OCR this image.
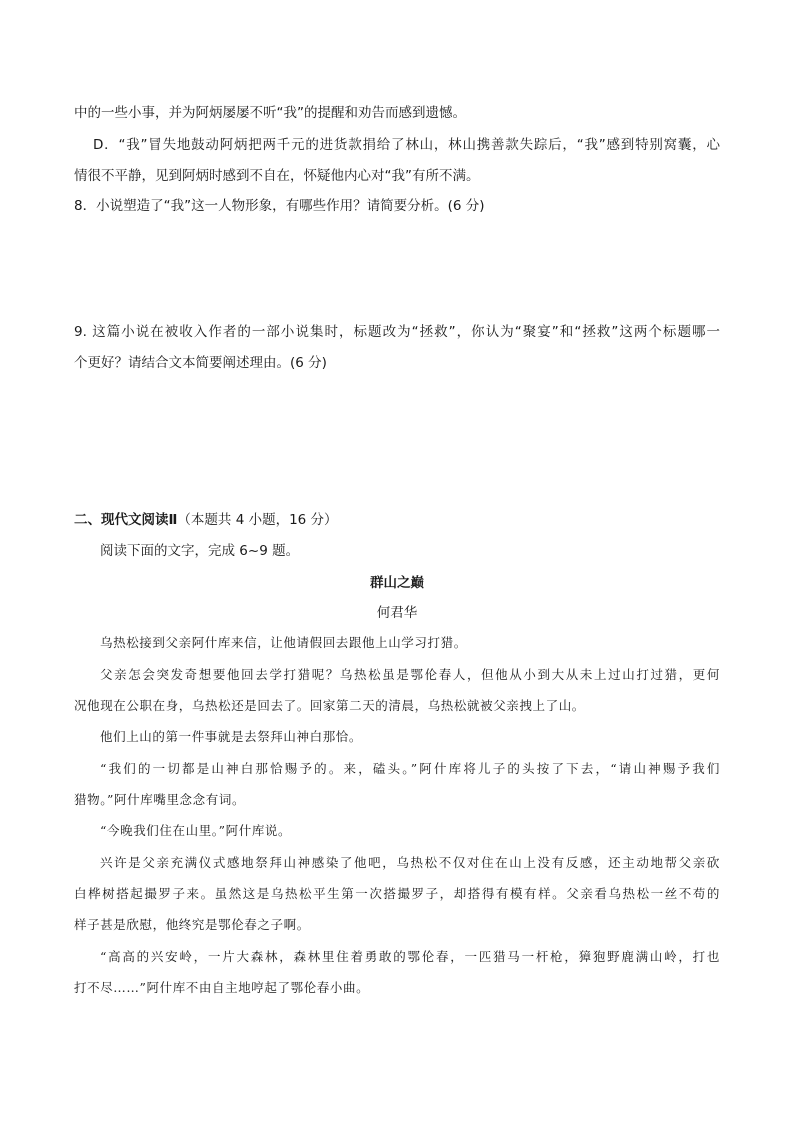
中的一些小事，并为阿炳屡屡不听“我”的提醒和劝告而感到遗憾。
D．“我”冒失地鼓动阿炳把两千元的进货款捐给了林山，林山携善款失踪后，“我”感到特别窝囊，心
情很不平静，见到阿炳时感到不自在，怀疑他内心对“我”有所不满。
8．小说塑造了“我”这一人物形象，有哪些作用？请简要分析。(6 分)
9. 这篇小说在被收入作者的一部小说集时，标题改为“拯救”，你认为“聚宴”和“拯救”这两个标题哪一
个更好？请结合文本简要阐述理由。(6 分)
二、现代文阅读Ⅱ（本题共 4 小题，16 分）
阅读下面的文字，完成 6~9 题。
群山之巅
何君华
乌热松接到父亲阿什库来信，让他请假回去跟他上山学习打猎。
父亲怎会突发奇想要他回去学打猎呢？乌热松虽是鄂伦春人，但他从小到大从未上过山打过猎，更何
况他现在公职在身，乌热松还是回去了。回家第二天的清晨，乌热松就被父亲拽上了山。
他们上山的第一件事就是去祭拜山神白那恰。
“我们的一切都是山神白那恰赐予的。来，磕头。”阿什库将儿子的头按了下去，“请山神赐予我们
猎物。”阿什库嘴里念念有词。
“今晚我们住在山里。”阿什库说。
兴许是父亲充满仪式感地祭拜山神感染了他吧，乌热松不仅对住在山上没有反感，还主动地帮父亲砍
白桦树搭起撮罗子来。虽然这是乌热松平生第一次搭撮罗子，却搭得有模有样。父亲看乌热松一丝不苟的
样子甚是欣慰，他终究是鄂伦春之子啊。
“高高的兴安岭，一片大森林，森林里住着勇敢的鄂伦春，一匹猎马一杆枪，獐狍野鹿满山岭，打也
打不尽……”阿什库不由自主地哼起了鄂伦春小曲。
